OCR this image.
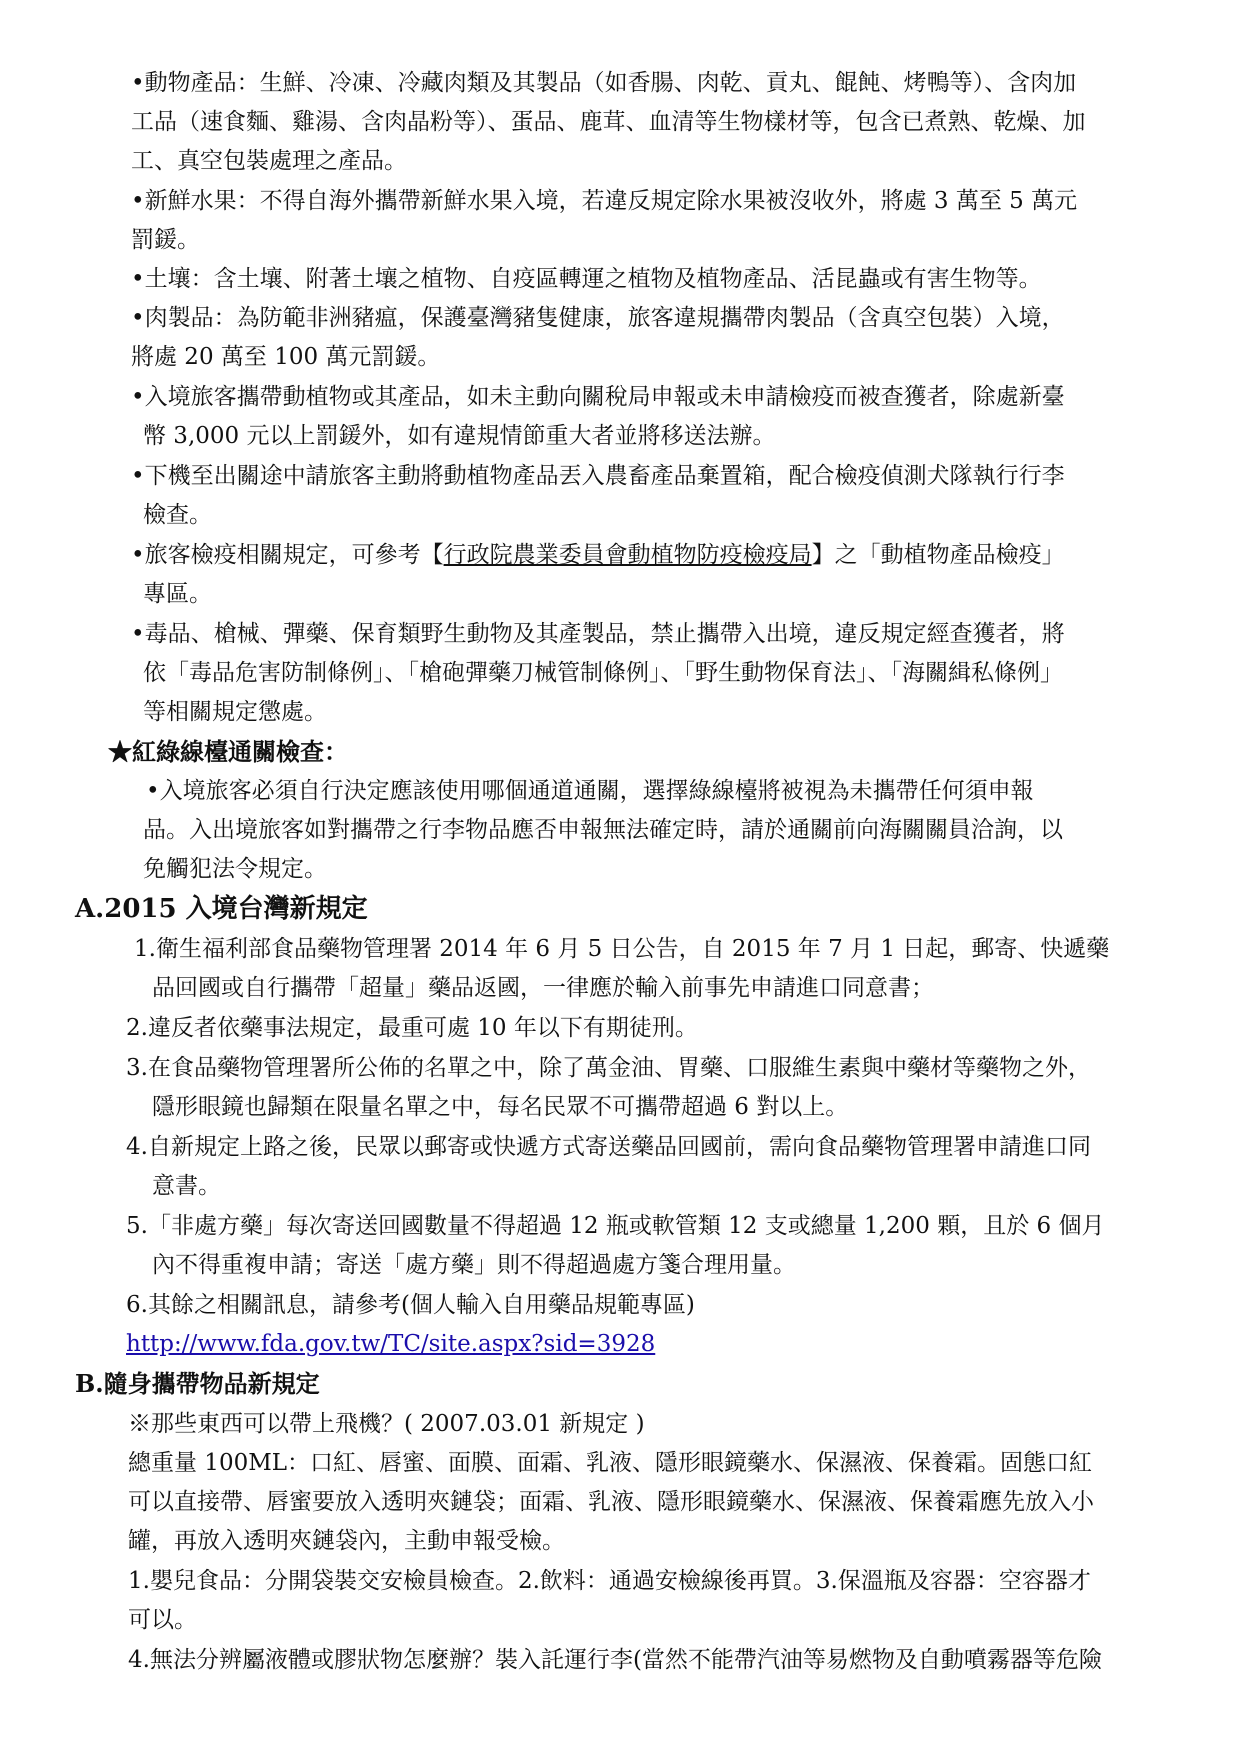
•動物產品：生鮮、冷凍、冷藏肉類及其製品（如香腸、肉乾、貢丸、餛飩、烤鴨等）、含肉加

工品（速食麵、雞湯、含肉晶粉等）、蛋品、鹿茸、血清等生物樣材等，包含已煮熟、乾燥、加

工、真空包裝處理之產品。

•新鮮水果：不得自海外攜帶新鮮水果入境，若違反規定除水果被沒收外，將處 3 萬至 5 萬元

罰鍰。

•土壤：含土壤、附著土壤之植物、自疫區轉運之植物及植物產品、活昆蟲或有害生物等。

•肉製品：為防範非洲豬瘟，保護臺灣豬隻健康，旅客違規攜帶肉製品（含真空包裝）入境，

將處 20 萬至 100 萬元罰鍰。

•入境旅客攜帶動植物或其產品，如未主動向關稅局申報或未申請檢疫而被查獲者，除處新臺

幣 3,000 元以上罰鍰外，如有違規情節重大者並將移送法辦。

•下機至出關途中請旅客主動將動植物產品丟入農畜產品棄置箱，配合檢疫偵測犬隊執行行李

檢查。

•旅客檢疫相關規定，可參考【行政院農業委員會動植物防疫檢疫局】之「動植物產品檢疫」

專區。

•毒品、槍械、彈藥、保育類野生動物及其產製品，禁止攜帶入出境，違反規定經查獲者，將

依「毒品危害防制條例」、「槍砲彈藥刀械管制條例」、「野生動物保育法」、「海關緝私條例」

等相關規定懲處。

★紅綠線檯通關檢查：

•入境旅客必須自行決定應該使用哪個通道通關，選擇綠線檯將被視為未攜帶任何須申報

品。入出境旅客如對攜帶之行李物品應否申報無法確定時，請於通關前向海關關員洽詢，以

免觸犯法令規定。

A.2015 入境台灣新規定

1.衛生福利部食品藥物管理署 2014 年 6 月 5 日公告，自 2015 年 7 月 1 日起，郵寄、快遞藥

品回國或自行攜帶「超量」藥品返國，一律應於輸入前事先申請進口同意書；

2.違反者依藥事法規定，最重可處 10 年以下有期徒刑。

3.在食品藥物管理署所公佈的名單之中，除了萬金油、胃藥、口服維生素與中藥材等藥物之外，

隱形眼鏡也歸類在限量名單之中，每名民眾不可攜帶超過 6 對以上。

4.自新規定上路之後，民眾以郵寄或快遞方式寄送藥品回國前，需向食品藥物管理署申請進口同

意書。

5.「非處方藥」每次寄送回國數量不得超過 12 瓶或軟管類 12 支或總量 1,200 顆，且於 6 個月

內不得重複申請；寄送「處方藥」則不得超過處方箋合理用量。

6.其餘之相關訊息，請參考(個人輸入自用藥品規範專區)

http://www.fda.gov.tw/TC/site.aspx?sid=3928

B.隨身攜帶物品新規定

※那些東西可以帶上飛機？( 2007.03.01 新規定 )

總重量 100ML：口紅、唇蜜、面膜、面霜、乳液、隱形眼鏡藥水、保濕液、保養霜。固態口紅

可以直接帶、唇蜜要放入透明夾鏈袋；面霜、乳液、隱形眼鏡藥水、保濕液、保養霜應先放入小

罐，再放入透明夾鏈袋內，主動申報受檢。

1.嬰兒食品：分開袋裝交安檢員檢查。2.飲料：通過安檢線後再買。3.保溫瓶及容器：空容器才

可以。

4.無法分辨屬液體或膠狀物怎麼辦？裝入託運行李(當然不能帶汽油等易燃物及自動噴霧器等危險
